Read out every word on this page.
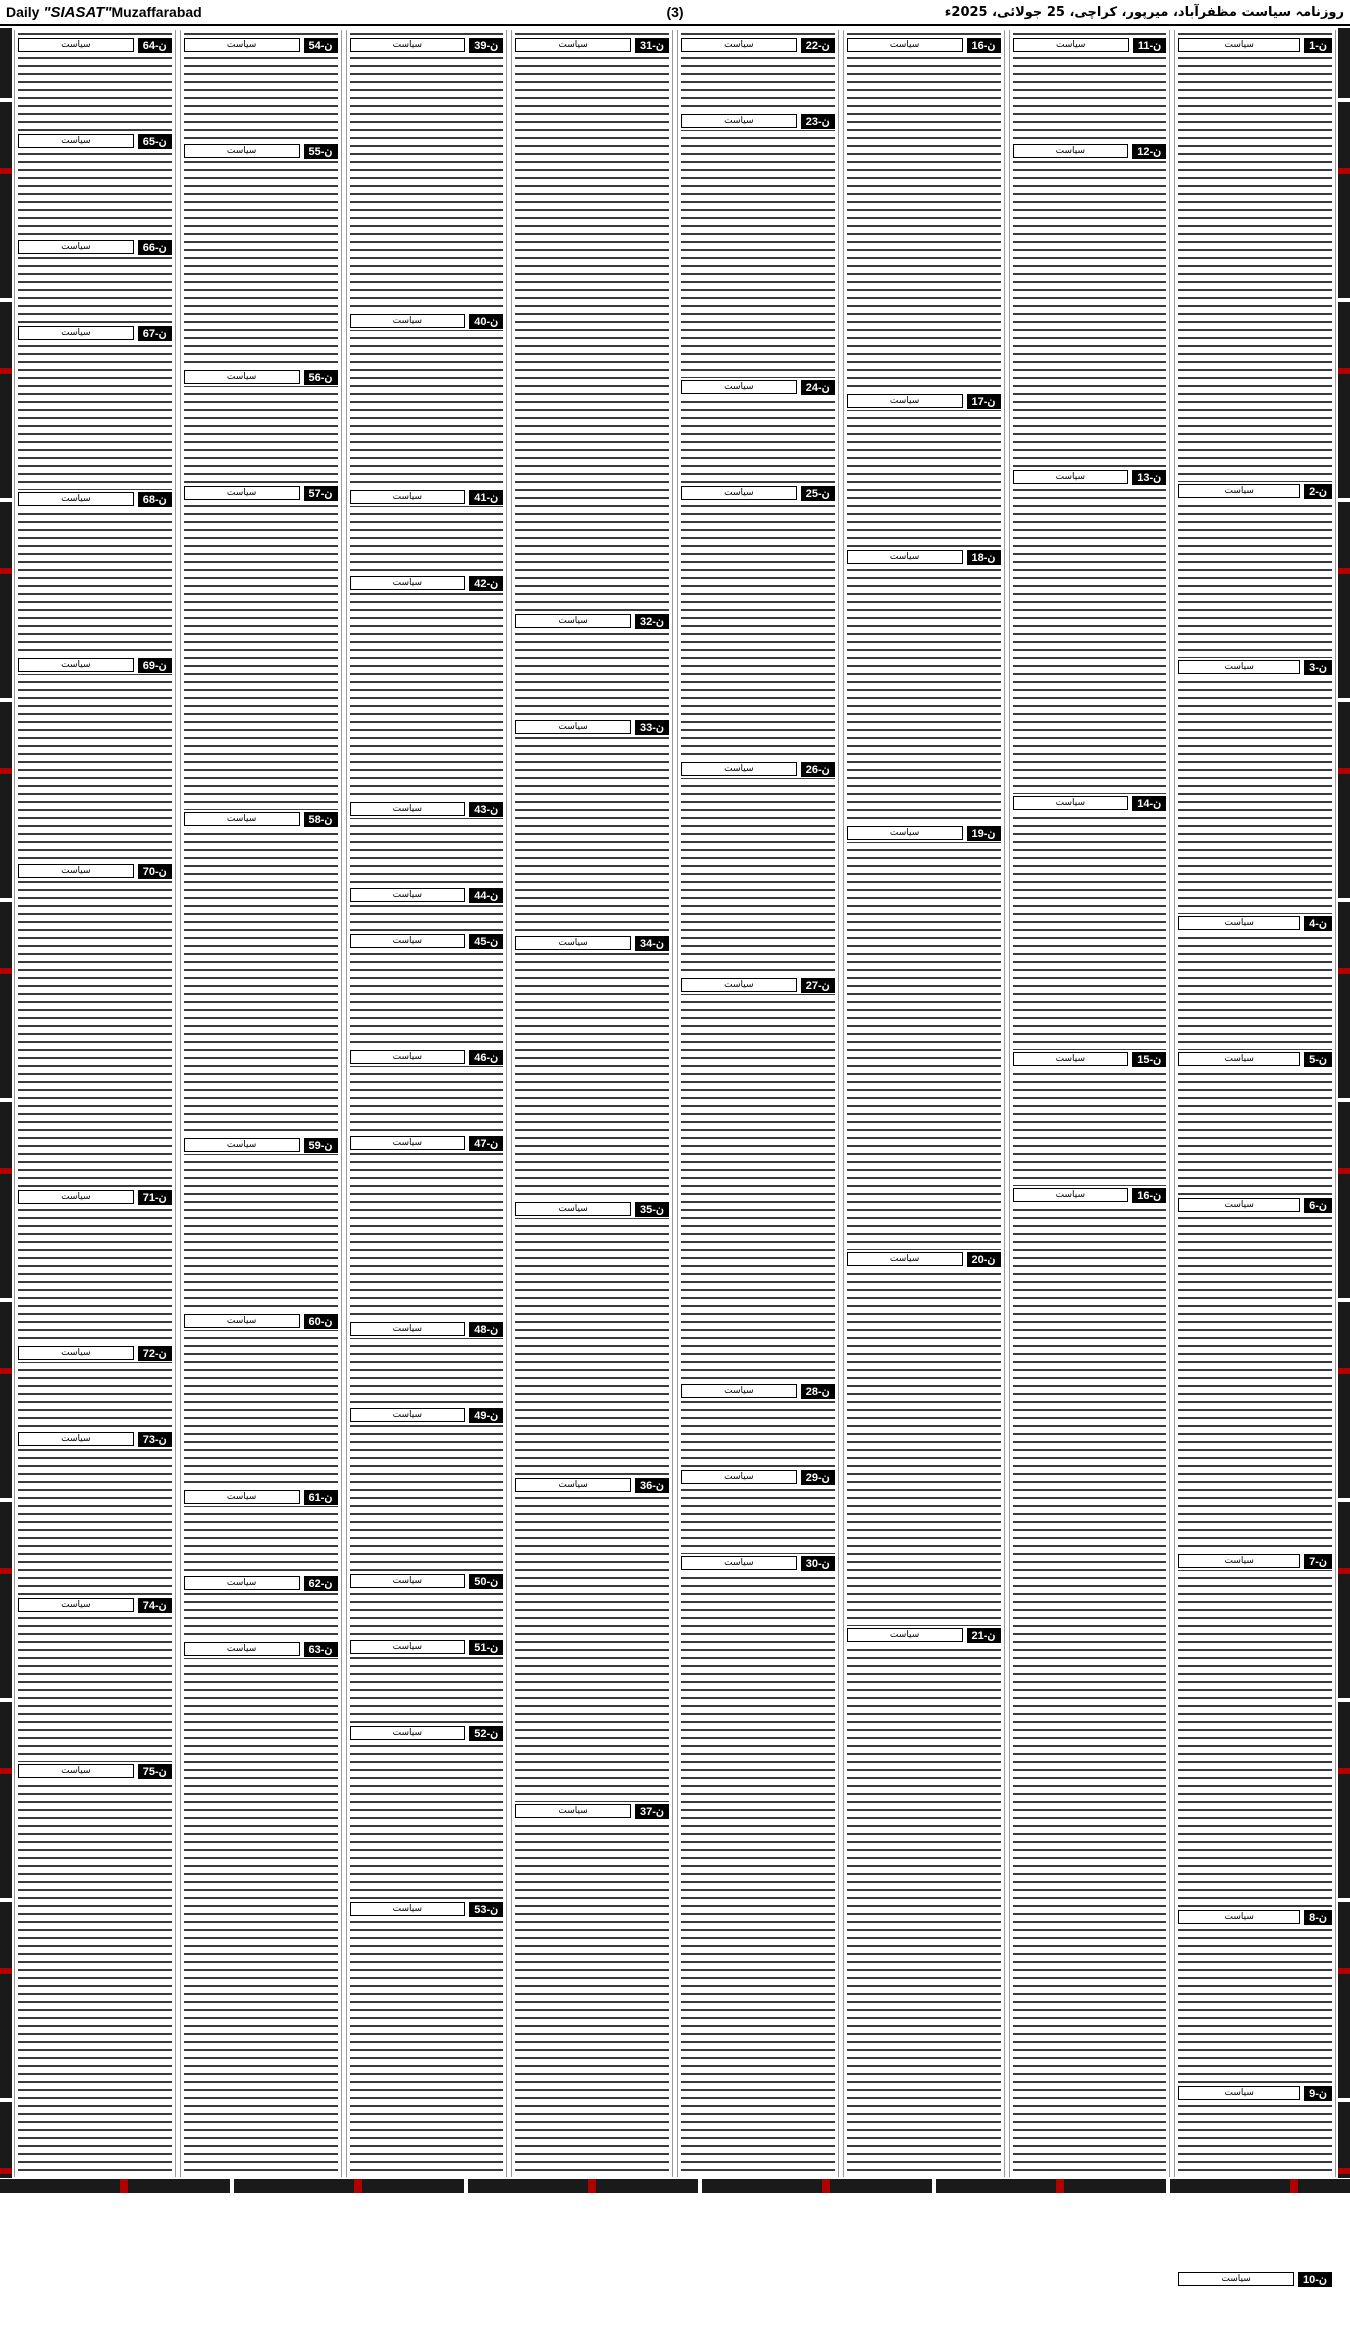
Daily "SIASAT"Muzaffarabad	(3)	روزنامہ سیاست مظفرآباد، میرپور، کراچی، 25 جولائی، 2025ء
ن-1
سیاست
ن-2
سیاست
ن-3
سیاست
ن-4
سیاست
ن-5
سیاست
ن-6
سیاست
ن-7
سیاست
ن-8
سیاست
ن-9
سیاست
ن-10
سیاست
ن-11
سیاست
ن-12
سیاست
ن-13
سیاست
ن-14
سیاست
ن-15
سیاست
ن-16
سیاست
ن-16
سیاست
ن-17
سیاست
ن-18
سیاست
ن-19
سیاست
ن-20
سیاست
ن-21
سیاست
ن-22
سیاست
ن-23
سیاست
ن-24
سیاست
ن-25
سیاست
ن-26
سیاست
ن-27
سیاست
ن-28
سیاست
ن-29
سیاست
ن-30
سیاست
ن-31
سیاست
ن-32
سیاست
ن-33
سیاست
ن-34
سیاست
ن-35
سیاست
ن-36
سیاست
ن-37
سیاست
ن-39
سیاست
ن-40
سیاست
ن-41
سیاست
ن-42
سیاست
ن-43
سیاست
ن-44
سیاست
ن-45
سیاست
ن-46
سیاست
ن-47
سیاست
ن-48
سیاست
ن-49
سیاست
ن-50
سیاست
ن-51
سیاست
ن-52
سیاست
ن-53
سیاست
ن-54
سیاست
ن-55
سیاست
ن-56
سیاست
ن-57
سیاست
ن-58
سیاست
ن-59
سیاست
ن-60
سیاست
ن-61
سیاست
ن-62
سیاست
ن-63
سیاست
ن-64
سیاست
ن-65
سیاست
ن-66
سیاست
ن-67
سیاست
ن-68
سیاست
ن-69
سیاست
ن-70
سیاست
ن-71
سیاست
ن-72
سیاست
ن-73
سیاست
ن-74
سیاست
ن-75
سیاست
